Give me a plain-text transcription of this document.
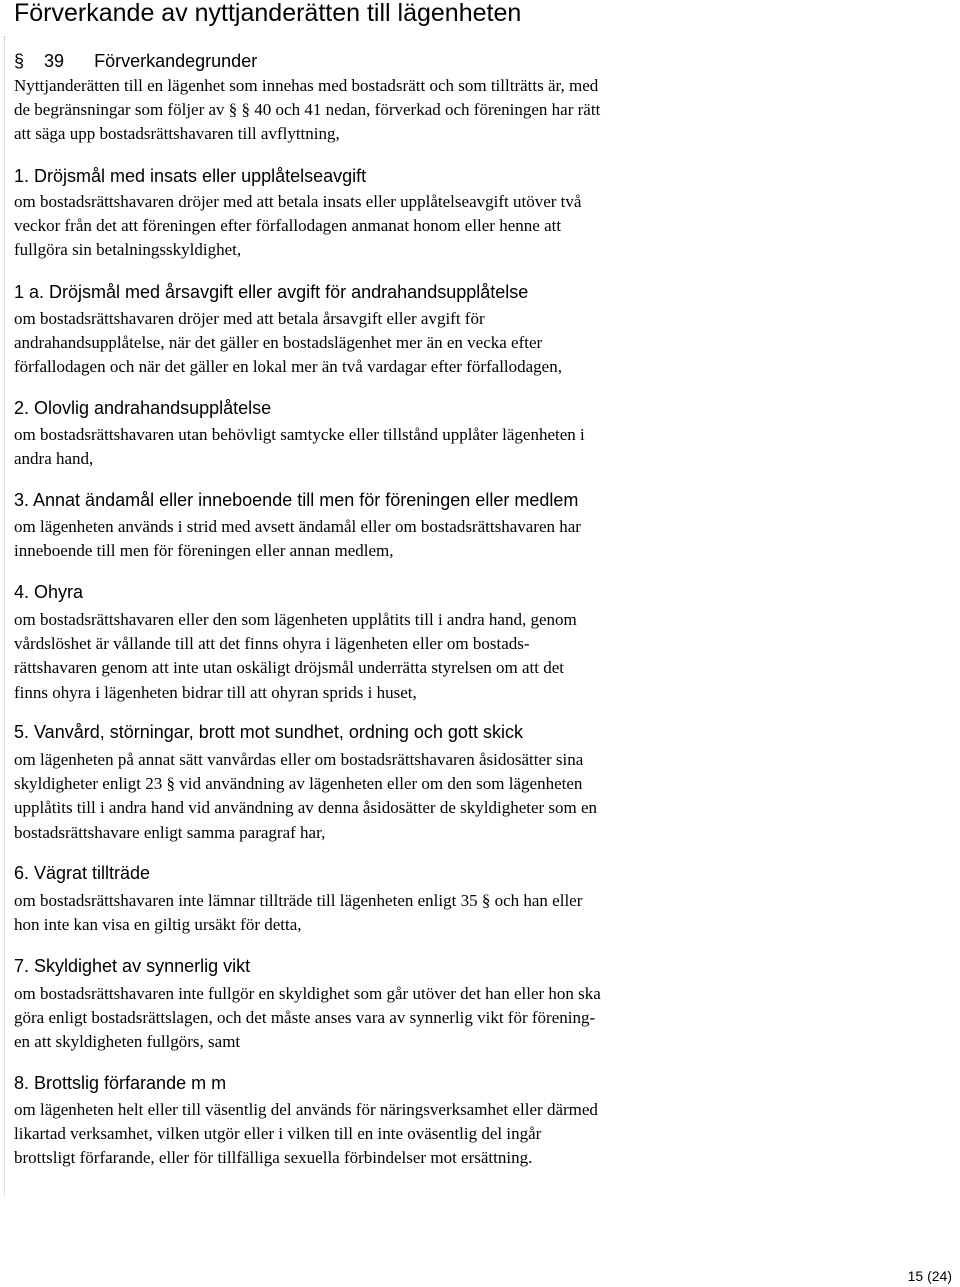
Förverkande av nyttjanderätten till lägenheten
§ 39 Förverkandegrunder

Nyttjanderätten till en lägenhet som innehas med bostadsrätt och som tillträtts är, med

de begränsningar som följer av § § 40 och 41 nedan, förverkad och föreningen har rätt

att säga upp bostadsrättshavaren till avflyttning,

1. Dröjsmål med insats eller upplåtelseavgift

om bostadsrättshavaren dröjer med att betala insats eller upplåtelseavgift utöver två

veckor från det att föreningen efter förfallodagen anmanat honom eller henne att

fullgöra sin betalningsskyldighet,

1 a. Dröjsmål med årsavgift eller avgift för andrahandsupplåtelse

om bostadsrättshavaren dröjer med att betala årsavgift eller avgift för

andrahandsupplåtelse, när det gäller en bostadslägenhet mer än en vecka efter

förfallodagen och när det gäller en lokal mer än två vardagar efter förfallodagen,

2. Olovlig andrahandsupplåtelse

om bostadsrättshavaren utan behövligt samtycke eller tillstånd upplåter lägenheten i

andra hand,

3. Annat ändamål eller inneboende till men för föreningen eller medlem

om lägenheten används i strid med avsett ändamål eller om bostadsrättshavaren har

inneboende till men för föreningen eller annan medlem,

4. Ohyra

om bostadsrättshavaren eller den som lägenheten upplåtits till i andra hand, genom

vårdslöshet är vållande till att det finns ohyra i lägenheten eller om bostads-

rättshavaren genom att inte utan oskäligt dröjsmål underrätta styrelsen om att det

finns ohyra i lägenheten bidrar till att ohyran sprids i huset,

5. Vanvård, störningar, brott mot sundhet, ordning och gott skick

om lägenheten på annat sätt vanvårdas eller om bostadsrättshavaren åsidosätter sina

skyldigheter enligt 23 § vid användning av lägenheten eller om den som lägenheten

upplåtits till i andra hand vid användning av denna åsidosätter de skyldigheter som en

bostadsrättshavare enligt samma paragraf har,

6. Vägrat tillträde

om bostadsrättshavaren inte lämnar tillträde till lägenheten enligt 35 § och han eller

hon inte kan visa en giltig ursäkt för detta,

7. Skyldighet av synnerlig vikt

om bostadsrättshavaren inte fullgör en skyldighet som går utöver det han eller hon ska

göra enligt bostadsrättslagen, och det måste anses vara av synnerlig vikt för förening-

en att skyldigheten fullgörs, samt

8. Brottslig förfarande m m

om lägenheten helt eller till väsentlig del används för näringsverksamhet eller därmed

likartad verksamhet, vilken utgör eller i vilken till en inte oväsentlig del ingår

brottsligt förfarande, eller för tillfälliga sexuella förbindelser mot ersättning.

15 (24)
